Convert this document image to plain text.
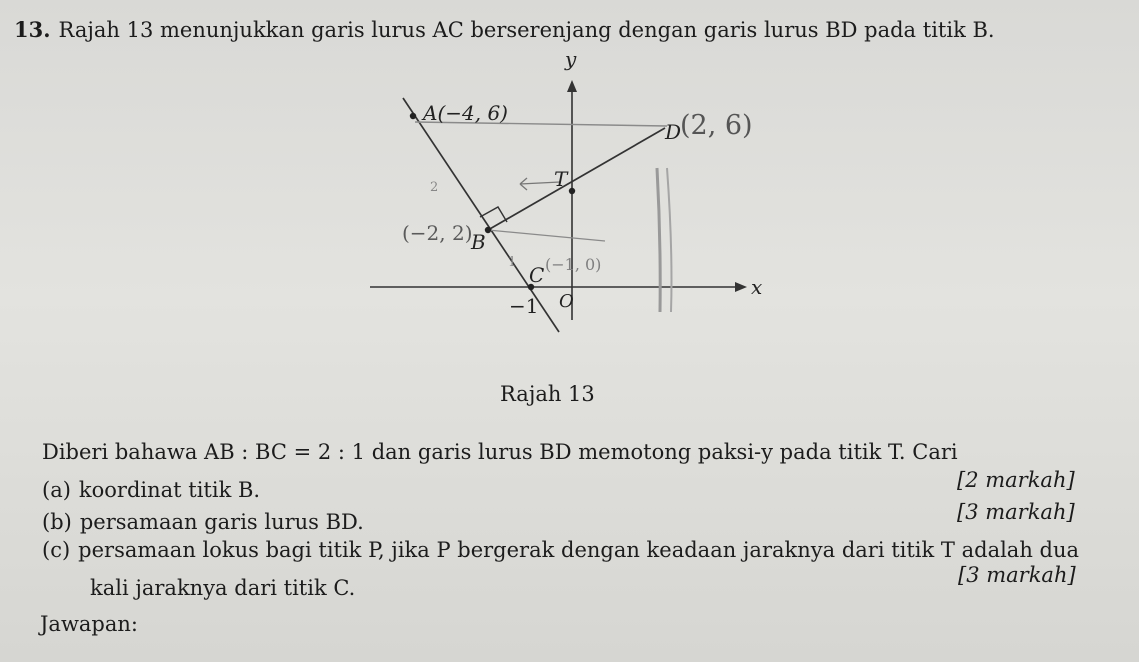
13. Rajah 13 menunjukkan garis lurus AC berserenjang dengan garis lurus BD pada titik B.
y
x
A(−4, 6)
D
T
B
C
O
−1
(2, 6)
(−2, 2)
(−1, 0)
2
1
Rajah 13
Diberi bahawa AB : BC = 2 : 1 dan garis lurus BD memotong paksi-y pada titik T. Cari
(a) koordinat titik B.	[2 markah]
(b) persamaan garis lurus BD.	[3 markah]
(c) persamaan lokus bagi titik P, jika P bergerak dengan keadaan jaraknya dari titik T adalah dua
kali jaraknya dari titik C.
[3 markah]
Jawapan:
